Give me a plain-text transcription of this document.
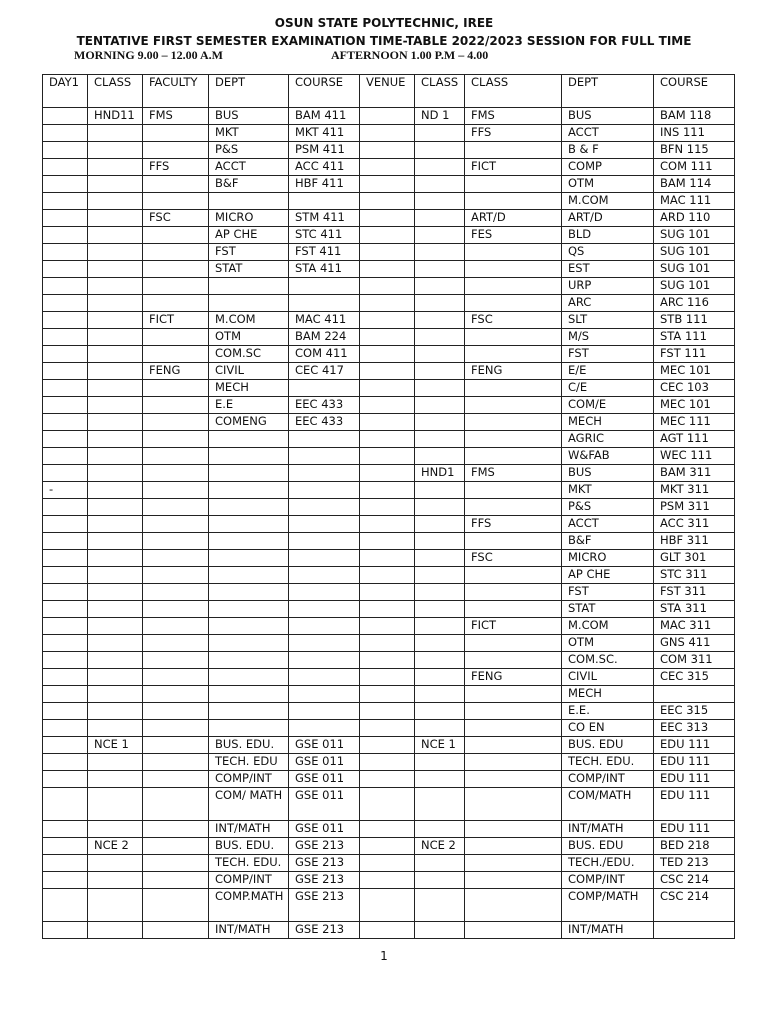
OSUN STATE POLYTECHNIC, IREE
TENTATIVE FIRST SEMESTER EXAMINATION TIME-TABLE 2022/2023 SESSION FOR FULL TIME
MORNING 9.00 – 12.00 A.M	AFTERNOON 1.00 P.M – 4.00
DAY1	CLASS	FACULTY	DEPT	COURSE	VENUE	CLASS	CLASS	DEPT	COURSE
	HND11	FMS	BUS	BAM 411		ND 1	FMS	BUS	BAM 118
			MKT	MKT 411			FFS	ACCT	INS 111
			P&S	PSM 411				B & F	BFN 115
		FFS	ACCT	ACC 411			FICT	COMP	COM 111
			B&F	HBF 411				OTM	BAM 114
								M.COM	MAC 111
		FSC	MICRO	STM 411			ART/D	ART/D	ARD 110
			AP CHE	STC 411			FES	BLD	SUG 101
			FST	FST 411				QS	SUG 101
			STAT	STA 411				EST	SUG 101
								URP	SUG 101
								ARC	ARC 116
		FICT	M.COM	MAC 411			FSC	SLT	STB 111
			OTM	BAM 224				M/S	STA 111
			COM.SC	COM 411				FST	FST 111
		FENG	CIVIL	CEC 417			FENG	E/E	MEC 101
			MECH					C/E	CEC 103
			E.E	EEC 433				COM/E	MEC 101
			COMENG	EEC 433				MECH	MEC 111
								AGRIC	AGT 111
								W&FAB	WEC 111
						HND1	FMS	BUS	BAM 311
-								MKT	MKT 311
								P&S	PSM 311
							FFS	ACCT	ACC 311
								B&F	HBF 311
							FSC	MICRO	GLT 301
								AP CHE	STC 311
								FST	FST 311
								STAT	STA 311
							FICT	M.COM	MAC 311
								OTM	GNS 411
								COM.SC.	COM 311
							FENG	CIVIL	CEC 315
								MECH	
								E.E.	EEC 315
								CO EN	EEC 313
	NCE 1		BUS. EDU.	GSE 011		NCE 1		BUS. EDU	EDU 111
			TECH. EDU	GSE 011				TECH. EDU.	EDU 111
			COMP/INT	GSE 011				COMP/INT	EDU 111
			COM/ MATH	GSE 011				COM/MATH	EDU 111
			INT/MATH	GSE 011				INT/MATH	EDU 111
	NCE 2		BUS. EDU.	GSE 213		NCE 2		BUS. EDU	BED 218
			TECH. EDU.	GSE 213				TECH./EDU.	TED 213
			COMP/INT	GSE 213				COMP/INT	CSC 214
			COMP.MATH	GSE 213				COMP/MATH	CSC 214
			INT/MATH	GSE 213				INT/MATH	
1
